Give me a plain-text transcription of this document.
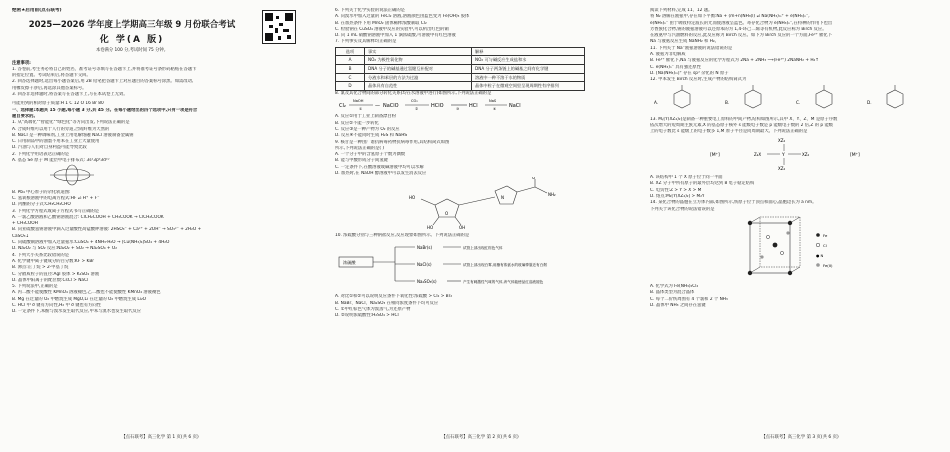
绝密★启用前(点石联考)
2025—2026 学年度上学期高三年级 9 月份联合考试
化 学(A 版)
本卷满分 100 分,考试时间 75 分钟。
注意事项:
1. 答卷前,考生务必将自己的姓名、准考证号等填写在答题卡上,并将准考证号条形码粘贴在答题卡
的指定位置。考试结束后,将答题卡交回。
2. 回答选择题时,选出每小题答案后,用 2B 铅笔把答题卡上对应题目的答案标号涂黑。如需改动,
用橡皮擦干净后,再选涂其他答案标号。
3. 回答非选择题时,将答案写在答题卡上,写在本试卷上无效。
可能用到的相对原子质量:H 1 C 12 O 16 Br 80
一、选择题:本题共 15 小题,每小题 3 分,共 45 分。在每小题给出的四个选项中,只有一项是符合
题目要求的。
1. 从"高端化""智能化""绿色化"等方向出发,下列说法正确的是
A. 合成纤维可以用于人行的旁道,合成纤维为天然的
B. NaCl 是一种调味剂,工业上用电解熔融 NaCl 溶液制备金属钠
C. 日用制品中的油墨不用苯在工业上大量使用
D. 汽油与人们对自身利益可能导致比较
2. 下列化学用语表达正确的是
A. 基态 Se 原子 M 能层中电子排布式: 3s²3p⁶3d¹⁰
B. Pb₄ 中心原子的杂化轨道图:
C. 氢氧根溶液中的电离方程式:HF ⇌ H⁺ + F⁻
D. 丙酮的分子式:CH₃CH₂CHO
3. 下列化学方程式或离子方程式书写正确的是
A. 一氯乙酸溶液和乙酸钠溶液混合: ClCH₂COOH + CH₃COOK → ClCH₂COOK
+ CH₃COOH
B. 向亚硫酸氢钠溶液中滴入过量酸性高锰酸钾溶液: 2HSO₃⁻ + Ca²⁺ + 2OH⁻ → SO₃²⁻ + 2H₂O +
CaSO₃↓
C. 向硫酸铜溶液中加入过量氨水:CuSO₄ + 4NH₃·H₂O → [Cu(NH₃)₄]SO₄ + 4H₂O
D. Na₂O₂ 与 SO₂ 反应:Na₂O₂ + SO₂ → Na₂SO₄ + O₂
4. 下列大小关系比较错误的是
A. 化学键中离子键成分的百分数:KF > KBr
B. 沸点:正丁烷 > 2-甲基丁烷
C. 分散质粒子的直径:AgI 胶体 > K₂SO₄ 溶液
D. 晶体中阳离子的配位数:CsCl > NaCl
5. 下列说法中,正确的是
A. 丙二酸不能使酸性 KMnO₄ 溶液褪色,乙二酸也不能使酸性 KMnO₄ 溶液褪色
B. Mg 在过量的 O₂ 中燃烧生成 MgO,Li 在过量的 O₂ 中燃烧生成 Li₂O
C. HCl 中 σ 键有方向性,H₂ 中 σ 键也有方向性
D. 一定条件下,苯酚与溴水发生取代反应,甲苯与溴水也发生取代反应
6. 下列关于化学实验的说法正确的是
A. 向溴水中加入过量的 FeCl₂ 溶液,溶液颜色由蓝色变为 Fe(OH)₃ 胶体
B. 在加热条件下用 MnO₂ 固体稀释浓酸制取 Cl₂
C. 检验钠在 CuSO₄ 溶液中反应的实验中,可以析出红色的铜
D. 向 1 mL 硝酸钠溶液中加入 1 滴浓硫酸,可溶液中有红色溶液
7. 下列事实及其解释均正确的是
选项	事实	解释
A	NO₂ 为极性氧化物	NO₂ 可与碱反应生成盐和水
B	DNA 分子的碱基通过氢键互补配对	DNA 分子两条链上的碱基之间有化学键
C	分液水和苯层的方法为过滤	溶液中一种不溶于水的物质
D	晶体具有自范性	晶体中粒子在微观空间里呈现周期性有序排列
8. 氯及其化合物间的部分转化关系(均在水溶液中进行)如图所示,下列说法正确的是
Cl₂
NaOH
①	— NaClO
CO₂
②	HClO	③ HCl
NaS
④	NaCl
A. 反应①用于工业上制备漂白粉
B. 反应②不能一步转化
C. 反应③是一种产物为 O₂ 的反应
D. 反应④不能同时生成 H₂S 和 NaHS
9. 核苷是一种由广谱抗病毒药物抗病毒作用,其结构简式如图
所示,下列说法正确的是( )
A. 一个分子中的含氢原子个数为偶数
B. 能与甲酸形成分子间氢键
C. 一定条件下,在酸溶液或碱溶液中均可以水解
D. 加热时,在 NaOH 醇溶液中可以发生消去反应
HO
HO	OH
O
N
NH₂
O
10. 浓硫酸分别与三种钠盐反应,反应现象如图所示。下列说法正确的是
浓硫酸
NaBr(s)
NaCl(s)
Na₂SO₃(s)
试管上部出现红棕色气体
试管上部出现白雾,用蘸有浓氨水的玻璃棒靠近有白烟
产生有刺激性气味的气体,该气体能使品红溶液褪色
A. 对比①和②可以说明反应条件下氧化性:浓硫酸 > Cl₂ > Br₂
B. NaBr、NaCl、Na₂SO₃ 在相同浓度条件下均可反应
C. ①中红棕色气体为溴蒸气,为还原产物
D. ②说明浓硫酸性:H₂SO₄ > HCl
阅读下列材料,完成 11、12 题。
将 N₂ 溶解在液氨中,存在如下平衡:Na + (m+n)NH₃(l) ⇌ Na(NH₃)ₘ⁺ + e(NH₃)ₙ⁻,
e(NH₃)ₙ⁻ 由于吸收特定波长的光而使溶液呈蓝色。寄存化合物为 e(NH₃)ₙ⁻,在特种的作用下也出
芳香族化合物,钠的液氨溶液可以还原苯的为 1,4-环己二烯等有机物,此反应称为 Birch 反应。
在液氨中与汽油燃料的反应,此反应称为 Birch 反应。如下为 Birch 反应的一个方面,Fe³⁺ 催化下
Na 与液氨反应生成 NaNH₂ 和 H₂。
11. 下列关于 Na⁻液氨溶液的说法错误的是
A. 液氨为非电解质
B. Fe³⁺ 催化下,Na 与液氨反应的化学方程式为 2Na + 2NH₃ ⟶(Fe³⁺) 2NaNH₂ + H₂↑
C. e(NH₃)ₙ⁻ 具有强还原性
D. [Na(NH₃)ₘ]⁺ 存在 sp³ 杂化的 N 原子
12. 甲苯发生 Birch 反应时,生成产物的结构简式为
A.	B.	C.	D.
13. Mᵧ[Y(XZ₄)₂]是制备一种重要电工原料的中间产物,结构如图所示,其中 X、Y、Z、M 是原子序数
依次增大的短周期主族元素,X 的基态原子核外 s 能级电子数是 p 能级电子数的 2 倍,Z 的 p 能级
上的电子数比 s 能级上的电子数多 1,M 原子半径是同周期最大。下列说法正确的是
[M⁺]	[M⁺]
XZ₂
XZ₂
Z₂X	XZ₂
Y
A. 该结构中 1 个 X 原子位于同一平面
B. XZ 分子中所有原子的最外层均达到 8 电子稳定结构
C. 电负性:Z > Y > X > M
D. 熔点:M₂[Y(XZ₄)₂] > M₂Y
14. 某化合物的晶胞在立方体内部,如图所示,铁原子位于顶点和面心,晶胞边长为 a nm。
下列关于该化合物的说法错误的是
Fe
Cl
● N
Fe(II)
A. 化学式为 Fe(NH₃)₂Cl₂
B. 晶体类型为混合晶体
C. 每个二价铁周围有 4 个氯和 2 个 NH₃
D. 晶体中 NH₃ 之间存在氢键
【点石联考】高三化学 第 1 页(共 6 页)	【点石联考】高三化学 第 2 页(共 6 页)	【点石联考】高三化学 第 3 页(共 6 页)
